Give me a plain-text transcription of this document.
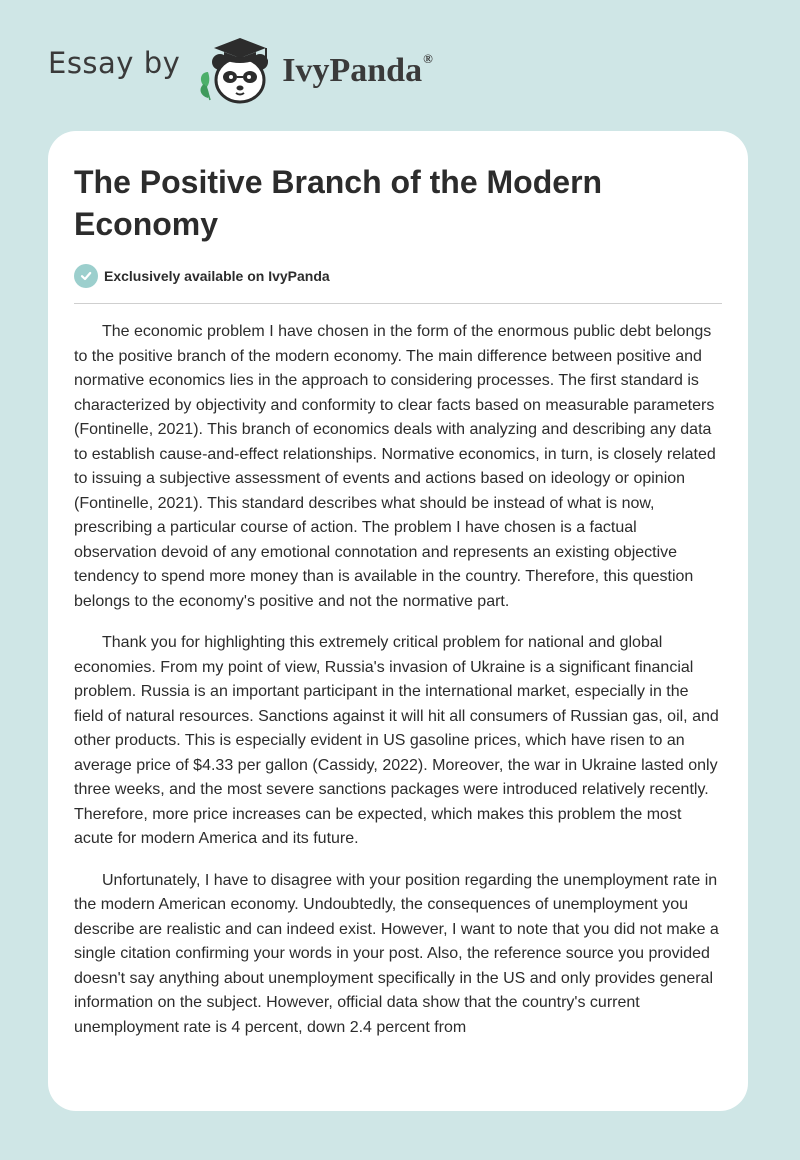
Essay by	IvyPanda®
The Positive Branch of the Modern Economy
Exclusively available on IvyPanda

The economic problem I have chosen in the form of the enormous public debt belongs to the positive branch of the modern economy. The main difference between positive and normative economics lies in the approach to considering processes. The first standard is characterized by objectivity and conformity to clear facts based on measurable parameters (Fontinelle, 2021). This branch of economics deals with analyzing and describing any data to establish cause-and-effect relationships. Normative economics, in turn, is closely related to issuing a subjective assessment of events and actions based on ideology or opinion (Fontinelle, 2021). This standard describes what should be instead of what is now, prescribing a particular course of action. The problem I have chosen is a factual observation devoid of any emotional connotation and represents an existing objective tendency to spend more money than is available in the country. Therefore, this question belongs to the economy's positive and not the normative part.

Thank you for highlighting this extremely critical problem for national and global economies. From my point of view, Russia's invasion of Ukraine is a significant financial problem. Russia is an important participant in the international market, especially in the field of natural resources. Sanctions against it will hit all consumers of Russian gas, oil, and other products. This is especially evident in US gasoline prices, which have risen to an average price of $4.33 per gallon (Cassidy, 2022). Moreover, the war in Ukraine lasted only three weeks, and the most severe sanctions packages were introduced relatively recently. Therefore, more price increases can be expected, which makes this problem the most acute for modern America and its future.

Unfortunately, I have to disagree with your position regarding the unemployment rate in the modern American economy. Undoubtedly, the consequences of unemployment you describe are realistic and can indeed exist. However, I want to note that you did not make a single citation confirming your words in your post. Also, the reference source you provided doesn't say anything about unemployment specifically in the US and only provides general information on the subject. However, official data show that the country's current unemployment rate is 4 percent, down 2.4 percent from
